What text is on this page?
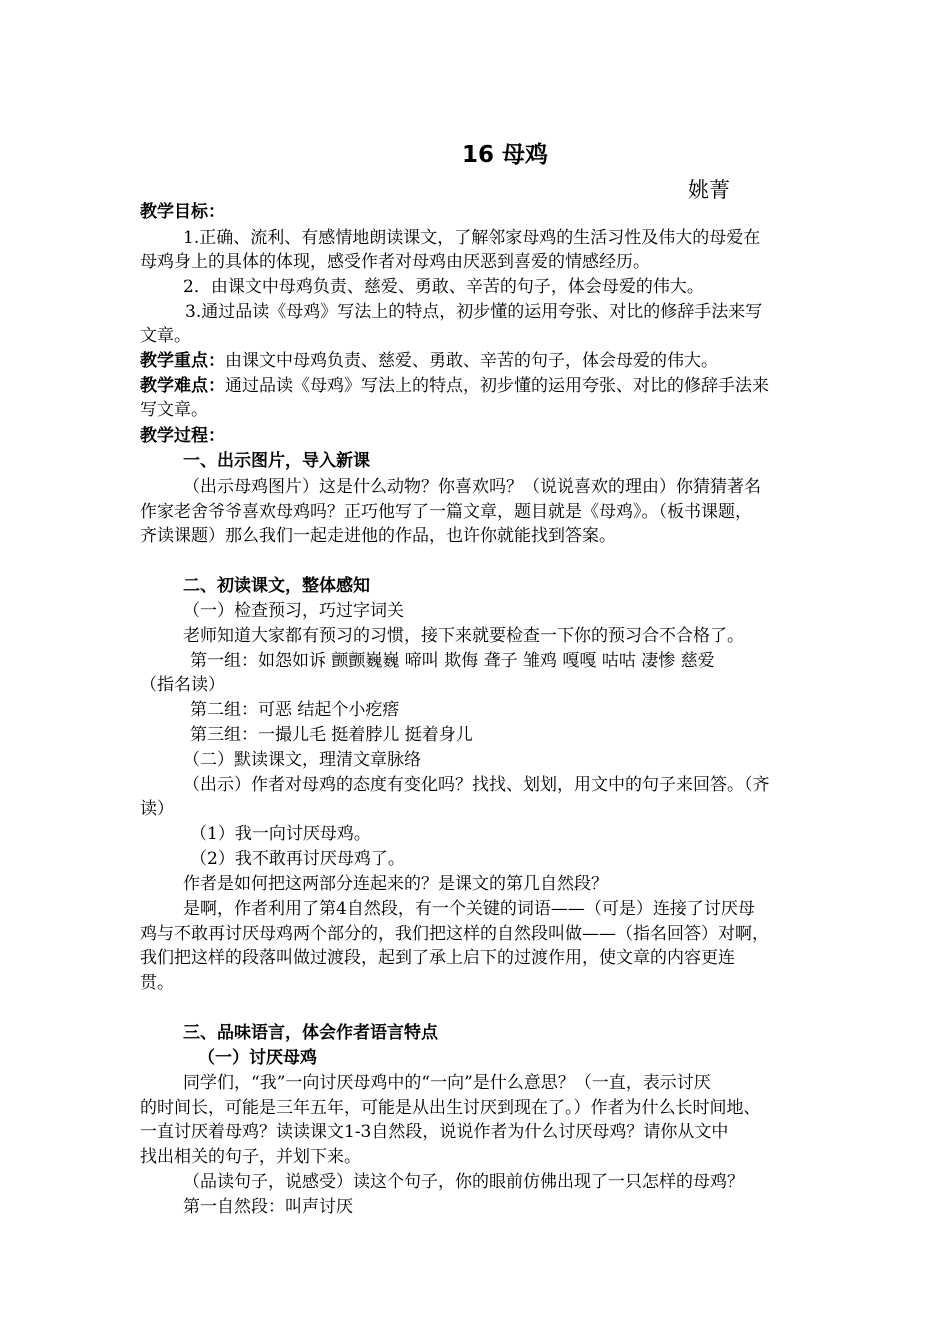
16 母鸡
姚菁
教学目标：
1.正确、流利、有感情地朗读课文，了解邻家母鸡的生活习性及伟大的母爱在
母鸡身上的具体的体现，感受作者对母鸡由厌恶到喜爱的情感经历。
2．由课文中母鸡负责、慈爱、勇敢、辛苦的句子，体会母爱的伟大。
3.通过品读《母鸡》写法上的特点，初步懂的运用夸张、对比的修辞手法来写
文章。
教学重点：由课文中母鸡负责、慈爱、勇敢、辛苦的句子，体会母爱的伟大。
教学难点：通过品读《母鸡》写法上的特点，初步懂的运用夸张、对比的修辞手法来
写文章。
教学过程：
一、出示图片，导入新课
（出示母鸡图片）这是什么动物？你喜欢吗？（说说喜欢的理由）你猜猜著名
作家老舍爷爷喜欢母鸡吗？正巧他写了一篇文章，题目就是《母鸡》。（板书课题，
齐读课题）那么我们一起走进他的作品，也许你就能找到答案。
二、初读课文，整体感知
（一）检查预习，巧过字词关
老师知道大家都有预习的习惯，接下来就要检查一下你的预习合不合格了。
第一组：如怨如诉 颤颤巍巍 啼叫 欺侮 聋子 雏鸡 嘎嘎 咕咕 凄惨 慈爱
（指名读）
第二组：可恶 结起个小疙瘩
第三组：一撮儿毛 挺着脖儿 挺着身儿
（二）默读课文，理清文章脉络
（出示）作者对母鸡的态度有变化吗？找找、划划，用文中的句子来回答。（齐
读）
（1）我一向讨厌母鸡。
（2）我不敢再讨厌母鸡了。
作者是如何把这两部分连起来的？是课文的第几自然段？
是啊，作者利用了第4自然段，有一个关键的词语——（可是）连接了讨厌母
鸡与不敢再讨厌母鸡两个部分的，我们把这样的自然段叫做——（指名回答）对啊，
我们把这样的段落叫做过渡段，起到了承上启下的过渡作用，使文章的内容更连
贯。
三、品味语言，体会作者语言特点
（一）讨厌母鸡
同学们，“我”一向讨厌母鸡中的“一向”是什么意思？（一直，表示讨厌
的时间长，可能是三年五年，可能是从出生讨厌到现在了。）作者为什么长时间地、
一直讨厌着母鸡？读读课文1-3自然段，说说作者为什么讨厌母鸡？请你从文中
找出相关的句子，并划下来。
（品读句子，说感受）读这个句子，你的眼前仿佛出现了一只怎样的母鸡？
第一自然段：叫声讨厌
